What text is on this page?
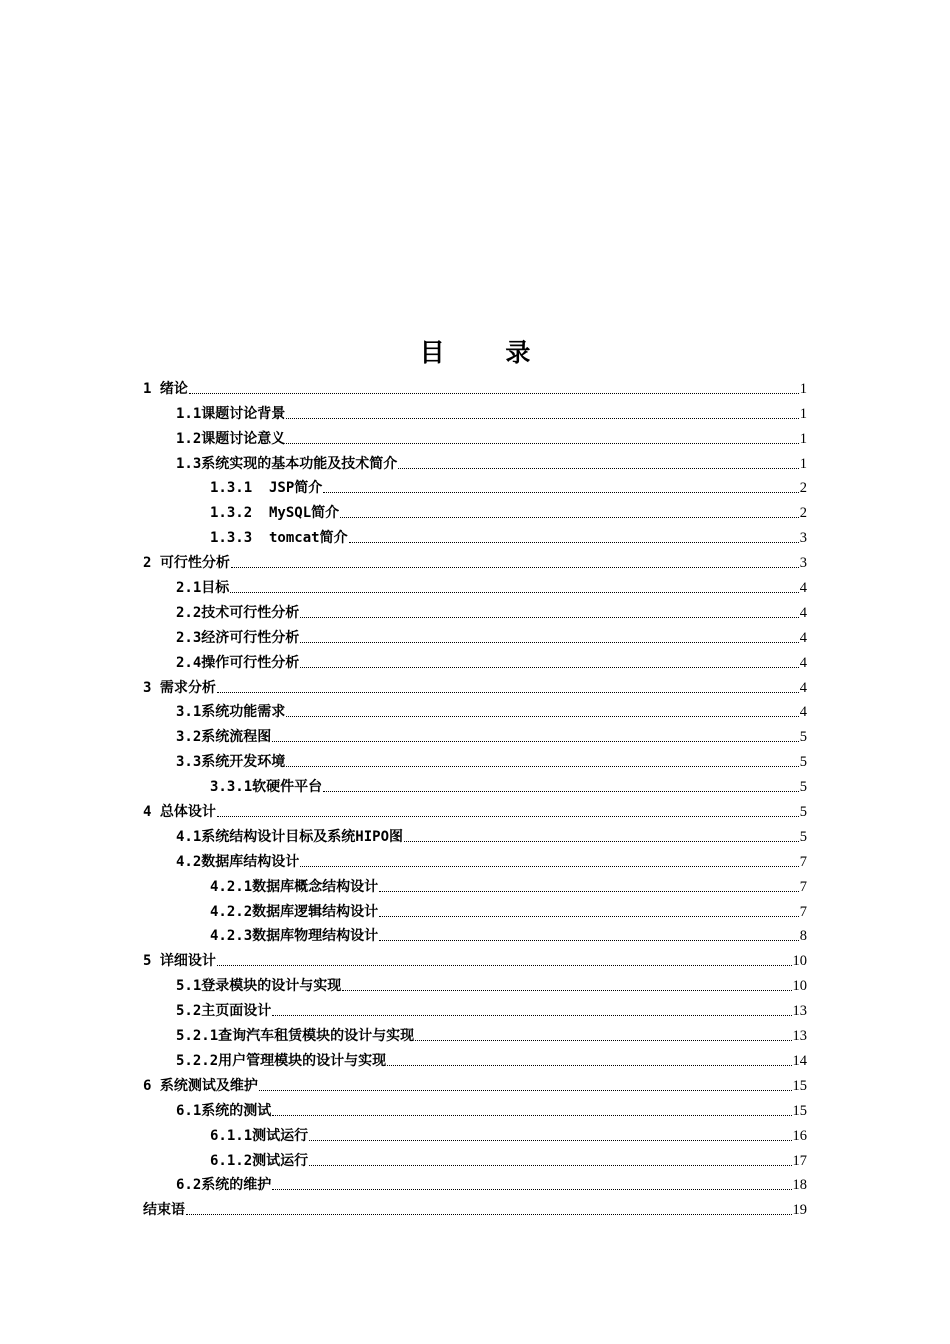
目 录
1 绪论	1
1.1课题讨论背景	1
1.2课题讨论意义	1
1.3系统实现的基本功能及技术简介	1
1.3.1  JSP简介	2
1.3.2  MySQL简介	2
1.3.3  tomcat简介	3
2 可行性分析	3
2.1目标	4
2.2技术可行性分析	4
2.3经济可行性分析	4
2.4操作可行性分析	4
3 需求分析	4
3.1系统功能需求	4
3.2系统流程图	5
3.3系统开发环境	5
3.3.1软硬件平台	5
4 总体设计	5
4.1系统结构设计目标及系统HIPO图	5
4.2数据库结构设计	7
4.2.1数据库概念结构设计	7
4.2.2数据库逻辑结构设计	7
4.2.3数据库物理结构设计	8
5 详细设计	10
5.1登录模块的设计与实现	10
5.2主页面设计	13
5.2.1查询汽车租赁模块的设计与实现	13
5.2.2用户管理模块的设计与实现	14
6 系统测试及维护	15
6.1系统的测试	15
6.1.1测试运行	16
6.1.2测试运行	17
6.2系统的维护	18
结束语	19
